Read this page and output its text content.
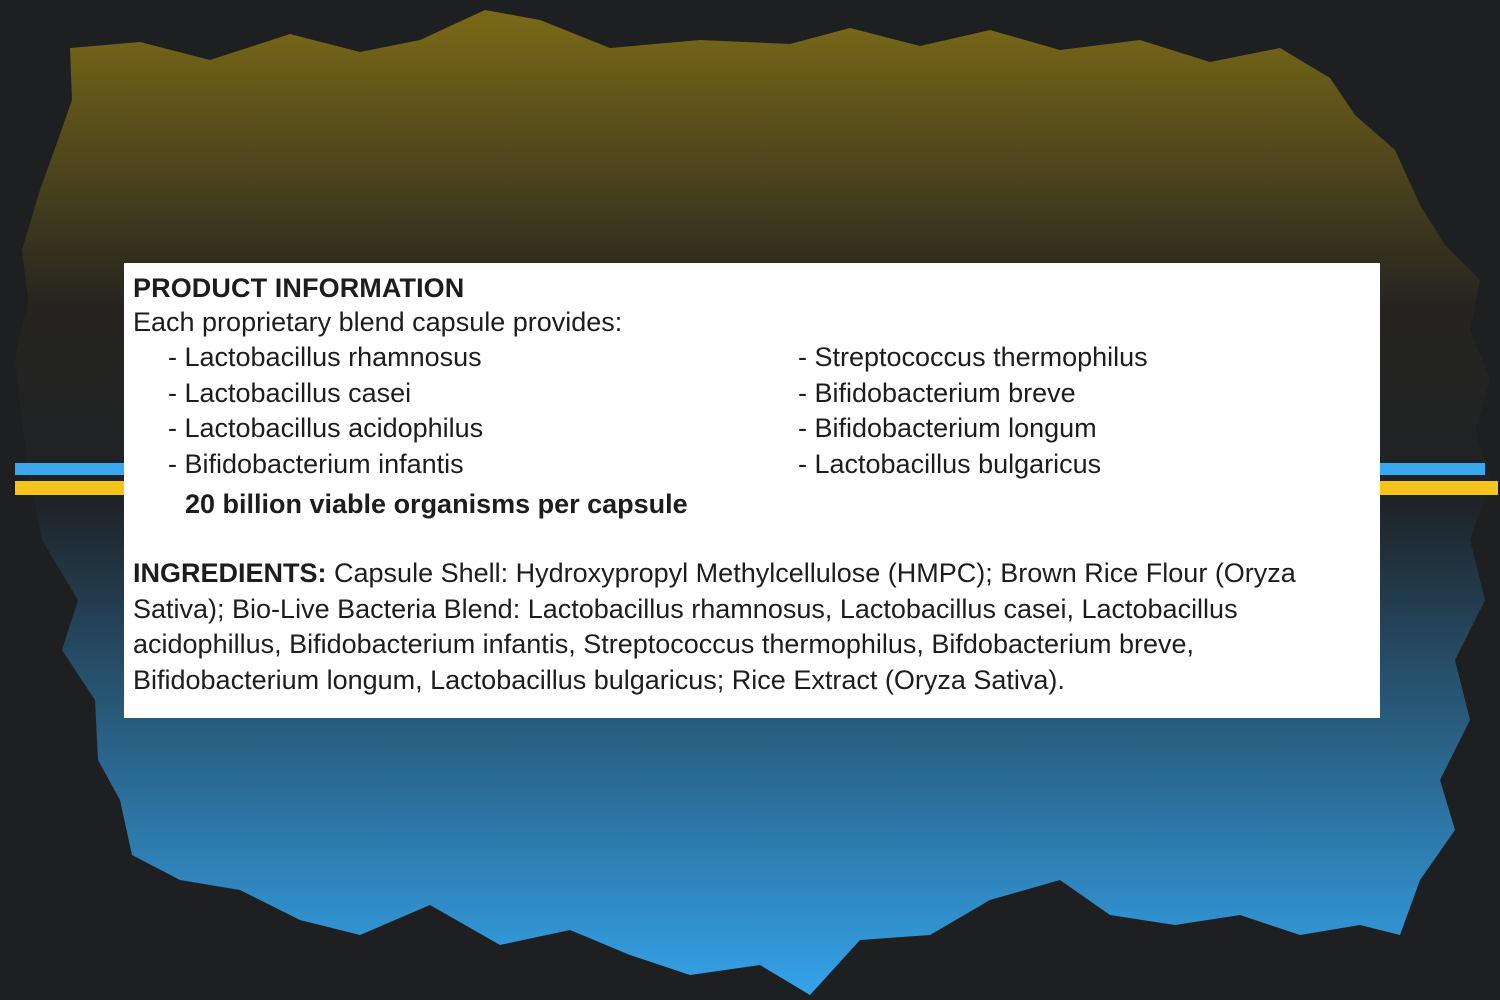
PRODUCT INFORMATION

Each proprietary blend capsule provides:

- Lactobacillus rhamnosus
- Lactobacillus casei
- Lactobacillus acidophilus
- Bifidobacterium infantis
- Streptococcus thermophilus
- Bifidobacterium breve
- Bifidobacterium longum
- Lactobacillus bulgaricus

20 billion viable organisms per capsule

INGREDIENTS: Capsule Shell: Hydroxypropyl Methylcellulose (HMPC); Brown Rice Flour (Oryza Sativa); Bio-Live Bacteria Blend: Lactobacillus rhamnosus, Lactobacillus casei, Lactobacillus acidophillus, Bifidobacterium infantis, Streptococcus thermophilus, Bifdobacterium breve, Bifidobacterium longum, Lactobacillus bulgaricus; Rice Extract (Oryza Sativa).
